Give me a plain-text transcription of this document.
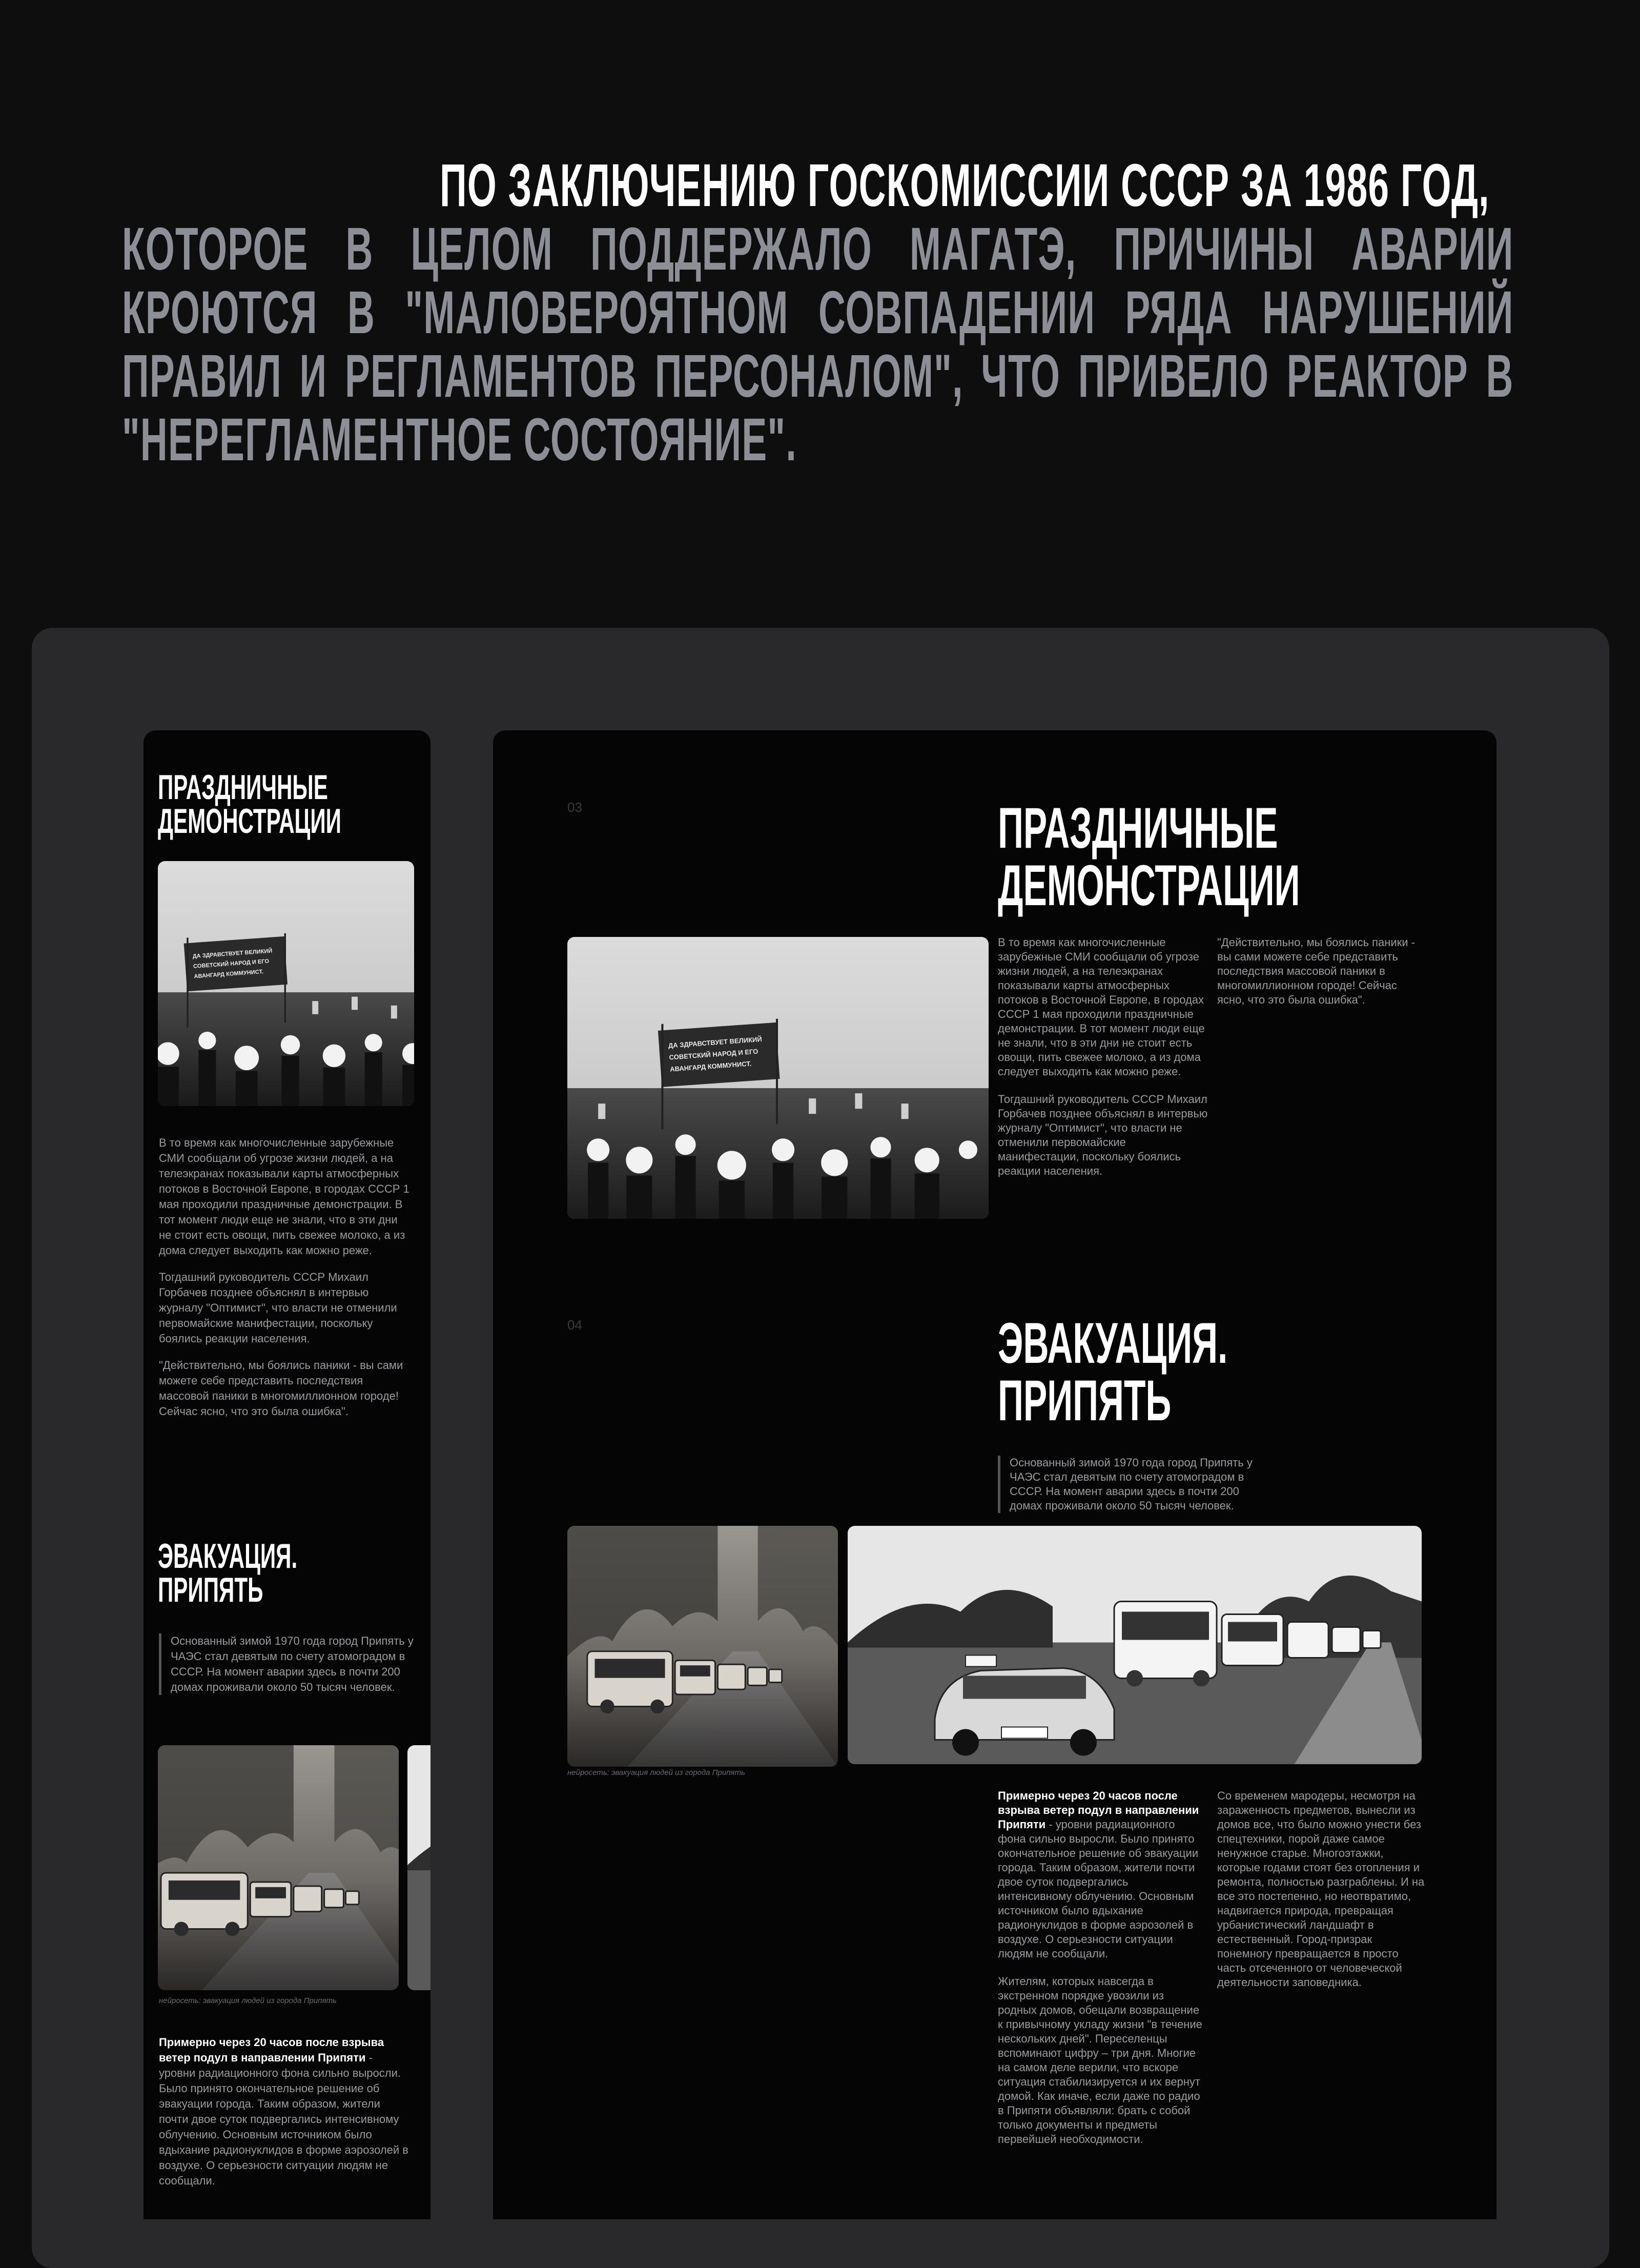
ПО ЗАКЛЮЧЕНИЮ ГОСКОМИССИИ СССР ЗА 1986 ГОД,
КОТОРОЕ В ЦЕЛОМ ПОДДЕРЖАЛО МАГАТЭ, ПРИЧИНЫ АВАРИИ КРОЮТСЯ В "МАЛОВЕРОЯТНОМ СОВПАДЕНИИ РЯДА НАРУШЕНИЙ ПРАВИЛ И РЕГЛАМЕНТОВ ПЕРСОНАЛОМ", ЧТО ПРИВЕЛО РЕАКТОР В "НЕРЕГЛАМЕНТНОЕ СОСТОЯНИЕ".

ПРАЗДНИЧНЫЕ
ДЕМОНСТРАЦИИ

В то время как многочисленные зарубежные СМИ сообщали об угрозе жизни людей, а на телеэкранах показывали карты атмосферных потоков в Восточной Европе, в городах СССР 1 мая проходили праздничные демонстрации. В тот момент люди еще не знали, что в эти дни не стоит есть овощи, пить свежее молоко, а из дома следует выходить как можно реже.

Тогдашний руководитель СССР Михаил Горбачев позднее объяснял в интервью журналу "Оптимист", что власти не отменили первомайские манифестации, поскольку боялись реакции населения.

"Действительно, мы боялись паники - вы сами можете себе представить последствия массовой паники в многомиллионном городе! Сейчас ясно, что это была ошибка".

ЭВАКУАЦИЯ.
ПРИПЯТЬ
Основанный зимой 1970 года город Припять у ЧАЭС стал девятым по счету атомоградом в СССР. На момент аварии здесь в почти 200 домах проживали около 50 тысяч человек.
нейросеть: эвакуация людей из города Припять

Примерно через 20 часов после взрыва ветер подул в направлении Припяти - уровни радиационного фона сильно выросли. Было принято окончательное решение об эвакуации города. Таким образом, жители почти двое суток подвергались интенсивному облучению. Основным источником было вдыхание радионуклидов в форме аэрозолей в воздухе. О серьезности ситуации людям не сообщали.

03	ПРАЗДНИЧНЫЕ
ДЕМОНСТРАЦИИ

В то время как многочисленные зарубежные СМИ сообщали об угрозе жизни людей, а на телеэкранах показывали карты атмосферных потоков в Восточной Европе, в городах СССР 1 мая проходили праздничные демонстрации. В тот момент люди еще не знали, что в эти дни не стоит есть овощи, пить свежее молоко, а из дома следует выходить как можно реже.

Тогдашний руководитель СССР Михаил Горбачев позднее объяснял в интервью журналу "Оптимист", что власти не отменили первомайские манифестации, поскольку боялись реакции населения.

"Действительно, мы боялись паники - вы сами можете себе представить последствия массовой паники в многомиллионном городе! Сейчас ясно, что это была ошибка".

04	ЭВАКУАЦИЯ.
ПРИПЯТЬ
Основанный зимой 1970 года город Припять у ЧАЭС стал девятым по счету атомоградом в СССР. На момент аварии здесь в почти 200 домах проживали около 50 тысяч человек.
нейросеть: эвакуация людей из города Припять

Примерно через 20 часов после взрыва ветер подул в направлении Припяти - уровни радиационного фона сильно выросли. Было принято окончательное решение об эвакуации города. Таким образом, жители почти двое суток подвергались интенсивному облучению. Основным источником было вдыхание радионуклидов в форме аэрозолей в воздухе. О серьезности ситуации людям не сообщали.

Жителям, которых навсегда в экстренном порядке увозили из родных домов, обещали возвращение к привычному укладу жизни "в течение нескольких дней". Переселенцы вспоминают цифру – три дня. Многие на самом деле верили, что вскоре ситуация стабилизируется и их вернут домой. Как иначе, если даже по радио в Припяти объявляли: брать с собой только документы и предметы первейшей необходимости.

Со временем мародеры, несмотря на зараженность предметов, вынесли из домов все, что было можно унести без спецтехники, порой даже самое ненужное старье. Многоэтажки, которые годами стоят без отопления и ремонта, полностью разграблены. И на все это постепенно, но неотвратимо, надвигается природа, превращая урбанистический ландшафт в естественный. Город-призрак понемногу превращается в просто часть отсеченного от человеческой деятельности заповедника.
